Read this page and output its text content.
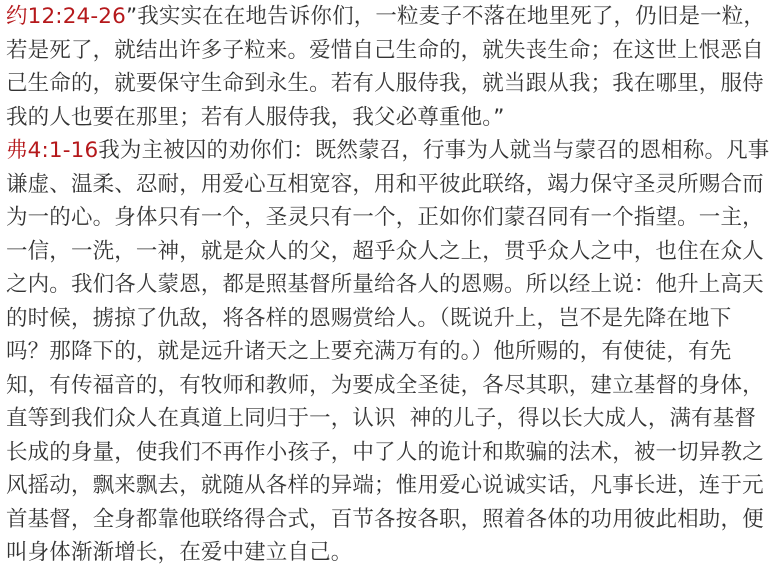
约12:24-26”我实实在在地告诉你们，一粒麦子不落在地里死了，仍旧是一粒，
若是死了，就结出许多子粒来。爱惜自己生命的，就失丧生命；在这世上恨恶自
己生命的，就要保守生命到永生。若有人服侍我，就当跟从我；我在哪里，服侍
我的人也要在那里；若有人服侍我，我父必尊重他。”
弗4:1-16我为主被囚的劝你们：既然蒙召，行事为人就当与蒙召的恩相称。凡事
谦虚、温柔、忍耐，用爱心互相宽容，用和平彼此联络，竭力保守圣灵所赐合而
为一的心。身体只有一个，圣灵只有一个，正如你们蒙召同有一个指望。一主，
一信，一洗，一神，就是众人的父，超乎众人之上，贯乎众人之中，也住在众人
之内。我们各人蒙恩，都是照基督所量给各人的恩赐。所以经上说：他升上高天
的时候，掳掠了仇敌，将各样的恩赐赏给人。（既说升上，岂不是先降在地下
吗？那降下的，就是远升诸天之上要充满万有的。）他所赐的，有使徒，有先
知，有传福音的，有牧师和教师，为要成全圣徒，各尽其职，建立基督的身体，
直等到我们众人在真道上同归于一，认识  神的儿子，得以长大成人，满有基督
长成的身量，使我们不再作小孩子，中了人的诡计和欺骗的法术，被一切异教之
风摇动，飘来飘去，就随从各样的异端；惟用爱心说诚实话，凡事长进，连于元
首基督，全身都靠他联络得合式，百节各按各职，照着各体的功用彼此相助，便
叫身体渐渐增长，在爱中建立自己。
